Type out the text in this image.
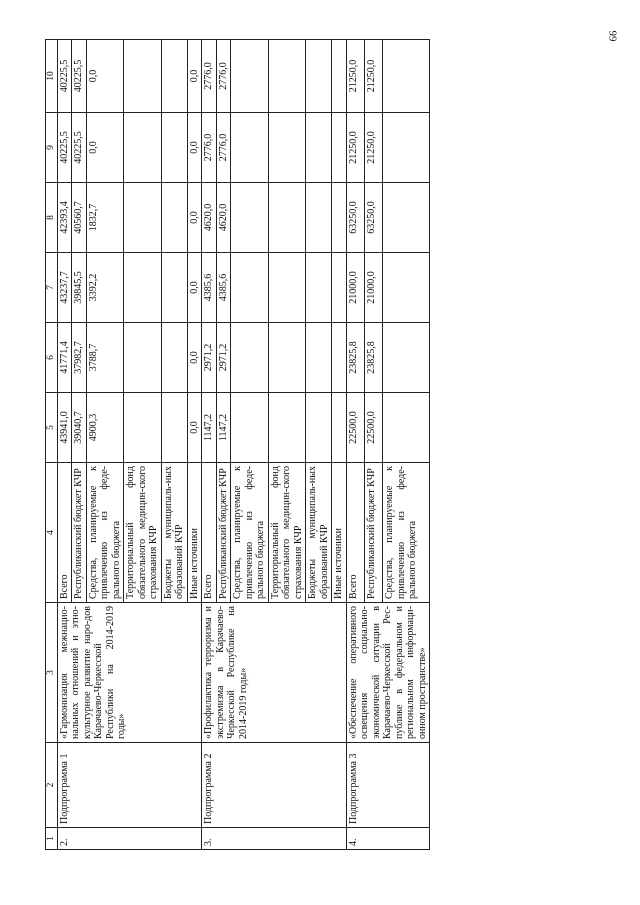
99
1	2	3	4	5	6	7	8	9	10
2.	Подпрограмма 1	«Гармонизация межнацио-нальных отношений и этно-культурное развитие наро-дов Карачаево-Черкесской Республики на 2014-2019 годы»	Всего	43941,0	41771,4	43237,7	42393,4	40225,5	40225,5
			Республиканский бюджет КЧР	39040,7	37982,7	39845,5	40560,7	40225,5	40225,5
			Средства, планируемые к привлечению из феде-рального бюджета	4900,3	3788,7	3392,2	1832,7	0,0	0,0
			Территориальный фонд обязательного медицин-ского страхования КЧР						
			Бюджеты муниципаль-ных образований КЧР						
			Иные источники	0,0	0,0	0,0	0,0	0,0	0,0
3.	Подпрограмма 2	«Профилактика терроризма и экстремизма в Карачаево-Черкесской Республике на 2014-2019 годы»	Всего	1147,2	2971,2	4385,6	4620,0	2776,0	2776,0
			Республиканский бюджет КЧР	1147,2	2971,2	4385,6	4620,0	2776,0	2776,0
			Средства, планируемые к привлечению из феде-рального бюджета						
			Территориальный фонд обязательного медицин-ского страхования КЧР						
			Бюджеты муниципаль-ных образований КЧР						
			Иные источники						
4.	Подпрограмма 3	«Обеспечение оперативного освещения социально-экономической ситуации в Карачаево-Черкесской Рес-публике в федеральном и региональном информаци-онном пространстве»	Всего	22500,0	23825,8	21000,0	63250,0	21250,0	21250,0
			Республиканский бюджет КЧР	22500,0	23825,8	21000,0	63250,0	21250,0	21250,0
			Средства, планируемые к привлечению из феде-рального бюджета						
